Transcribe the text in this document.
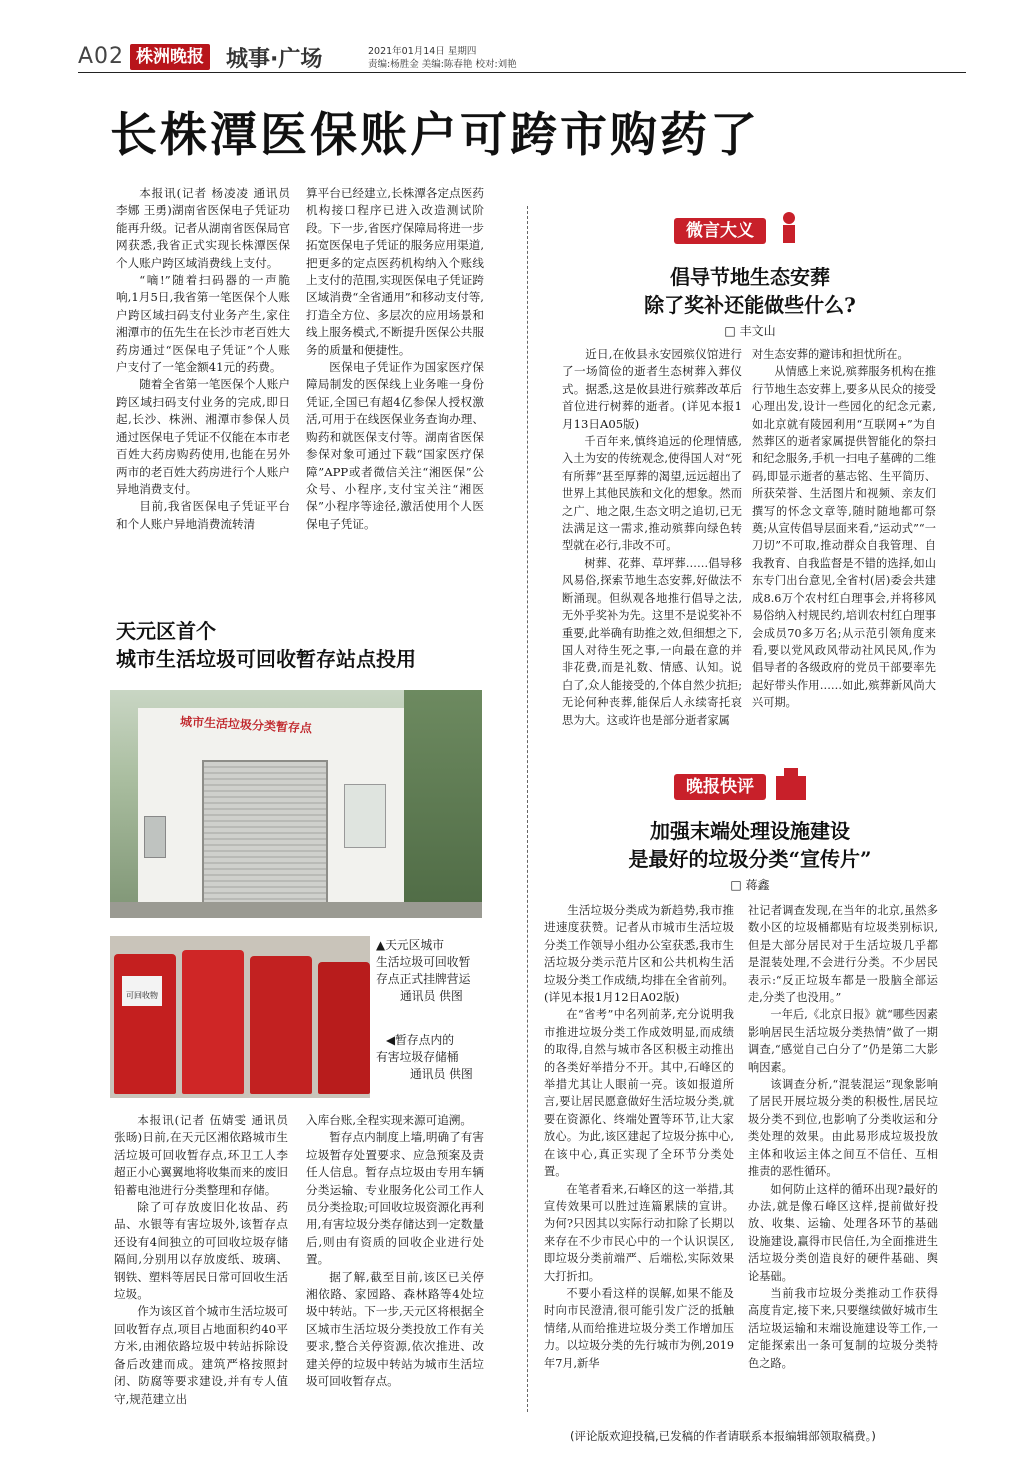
A02 株洲晚报 城事·广场	2021年01月14日 星期四
责编:杨胜金 美编:陈春艳 校对:刘艳
长株潭医保账户可跨市购药了

本报讯(记者 杨凌凌 通讯员 李娜 王勇)湖南省医保电子凭证功能再升级。记者从湖南省医保局官网获悉,我省正式实现长株潭医保个人账户跨区域消费线上支付。

“嘀!”随着扫码器的一声脆响,1月5日,我省第一笔医保个人账户跨区域扫码支付业务产生,家住湘潭市的伍先生在长沙市老百姓大药房通过“医保电子凭证”个人账户支付了一笔金额41元的药费。

随着全省第一笔医保个人账户跨区域扫码支付业务的完成,即日起,长沙、株洲、湘潭市参保人员通过医保电子凭证不仅能在本市老百姓大药房购药使用,也能在另外两市的老百姓大药房进行个人账户异地消费支付。

目前,我省医保电子凭证平台和个人账户异地消费流转清

算平台已经建立,长株潭各定点医药机构接口程序已进入改造测试阶段。下一步,省医疗保障局将进一步拓宽医保电子凭证的服务应用渠道,把更多的定点医药机构纳入个账线上支付的范围,实现医保电子凭证跨区域消费“全省通用”和移动支付等,打造全方位、多层次的应用场景和线上服务模式,不断提升医保公共服务的质量和便捷性。

医保电子凭证作为国家医疗保障局制发的医保线上业务唯一身份凭证,全国已有超4亿参保人授权激活,可用于在线医保业务查询办理、购药和就医保支付等。湖南省医保参保对象可通过下载“国家医疗保障”APP或者微信关注“湘医保”公众号、小程序,支付宝关注“湘医保”小程序等途径,激活使用个人医保电子凭证。

天元区首个
城市生活垃圾可回收暂存站点投用
城市生活垃圾分类暂存点
可回收物
▲天元区城市
生活垃圾可回收暂
存点正式挂牌营运
通讯员 供图
◀暂存点内的
有害垃圾存储桶
通讯员 供图

本报讯(记者 伍婧雯 通讯员 张旸)日前,在天元区湘依路城市生活垃圾可回收暂存点,环卫工人李超正小心翼翼地将收集而来的废旧铅蓄电池进行分类整理和存储。

除了可存放废旧化妆品、药品、水银等有害垃圾外,该暂存点还设有4间独立的可回收垃圾存储隔间,分别用以存放废纸、玻璃、钢铁、塑料等居民日常可回收生活垃圾。

作为该区首个城市生活垃圾可回收暂存点,项目占地面积约40平方米,由湘依路垃圾中转站拆除设备后改建而成。建筑严格按照封闭、防腐等要求建设,并有专人值守,规范建立出

入库台账,全程实现来源可追溯。

暂存点内制度上墙,明确了有害垃圾暂存处置要求、应急预案及责任人信息。暂存点垃圾由专用车辆分类运输、专业服务化公司工作人员分类捡取;可回收垃圾资源化再利用,有害垃圾分类存储达到一定数量后,则由有资质的回收企业进行处置。

据了解,截至目前,该区已关停湘依路、家园路、森林路等4处垃圾中转站。下一步,天元区将根据全区城市生活垃圾分类投放工作有关要求,整合关停资源,依次推进、改建关停的垃圾中转站为城市生活垃圾可回收暂存点。

微言大义
倡导节地生态安葬
除了奖补还能做些什么?
□ 丰文山

近日,在攸县永安园殡仪馆进行了一场简俭的逝者生态树葬入葬仪式。据悉,这是攸县进行殡葬改革后首位进行树葬的逝者。(详见本报1月13日A05版)

千百年来,慎终追远的伦理情感,入土为安的传统观念,使得国人对“死有所葬”甚至厚葬的渴望,远远超出了世界上其他民族和文化的想象。然而之广、地之限,生态文明之追切,已无法满足这一需求,推动殡葬向绿色转型就在必行,非改不可。

树葬、花葬、草坪葬……倡导移风易俗,探索节地生态安葬,好做法不断涌现。但纵观各地推行倡导之法,无外乎奖补为先。这里不是说奖补不重要,此举确有助推之效,但细想之下,国人对待生死之事,一向最在意的并非花费,而是礼数、情感、认知。说白了,众人能接受的,个体自然少抗拒;无论何种丧葬,能保后人永续寄托哀思为大。这或许也是部分逝者家属

对生态安葬的避讳和担忧所在。

从情感上来说,殡葬服务机构在推行节地生态安葬上,要多从民众的接受心理出发,设计一些园化的纪念元素,如北京就有陵园利用“互联网+”为自然葬区的逝者家属提供智能化的祭扫和纪念服务,手机一扫电子墓碑的二维码,即显示逝者的墓志铭、生平简历、所获荣誉、生活图片和视频、亲友们撰写的怀念文章等,随时随地都可祭奠;从宣传倡导层面来看,“运动式”“一刀切”不可取,推动群众自我管理、自我教育、自我监督是不错的选择,如山东专门出台意见,全省村(居)委会共建成8.6万个农村红白理事会,并将移风易俗纳入村规民约,培训农村红白理事会成员70多万名;从示范引领角度来看,要以党风政风带动社风民风,作为倡导者的各级政府的党员干部要率先起好带头作用……如此,殡葬新风尚大兴可期。

晚报快评
加强末端处理设施建设
是最好的垃圾分类“宣传片”
□ 蒋鑫

生活垃圾分类成为新趋势,我市推进速度获赞。记者从市城市生活垃圾分类工作领导小组办公室获悉,我市生活垃圾分类示范片区和公共机构生活垃圾分类工作成绩,均排在全省前列。(详见本报1月12日A02版)

在“省考”中名列前茅,充分说明我市推进垃圾分类工作成效明显,而成绩的取得,自然与城市各区积极主动推出的各类好举措分不开。其中,石峰区的举措尤其让人眼前一亮。该如报道所言,要让居民愿意做好生活垃圾分类,就要在资源化、终端处置等环节,让大家放心。为此,该区建起了垃圾分拣中心,在该中心,真正实现了全环节分类处置。

在笔者看来,石峰区的这一举措,其宣传效果可以胜过连篇累牍的宣讲。为何?只因其以实际行动扣除了长期以来存在不少市民心中的一个认识误区,即垃圾分类前端严、后端松,实际效果大打折扣。

不要小看这样的误解,如果不能及时向市民澄清,很可能引发广泛的抵触情绪,从而给推进垃圾分类工作增加压力。以垃圾分类的先行城市为例,2019年7月,新华

社记者调查发现,在当年的北京,虽然多数小区的垃圾桶都贴有垃圾类别标识,但是大部分居民对于生活垃圾几乎都是混装处理,不会进行分类。不少居民表示:“反正垃圾车都是一股脑全部运走,分类了也没用。”

一年后,《北京日报》就“哪些因素影响居民生活垃圾分类热情”做了一期调查,“感觉自己白分了”仍是第二大影响因素。

该调查分析,“混装混运”现象影响了居民开展垃圾分类的积极性,居民垃圾分类不到位,也影响了分类收运和分类处理的效果。由此易形成垃圾投放主体和收运主体之间互不信任、互相推责的恶性循环。

如何防止这样的循环出现?最好的办法,就是像石峰区这样,提前做好投放、收集、运输、处理各环节的基础设施建设,赢得市民信任,为全面推进生活垃圾分类创造良好的硬件基础、舆论基础。

当前我市垃圾分类推动工作获得高度肯定,接下来,只要继续做好城市生活垃圾运输和末端设施建设等工作,一定能探索出一条可复制的垃圾分类特色之路。

(评论版欢迎投稿,已发稿的作者请联系本报编辑部领取稿费。)
